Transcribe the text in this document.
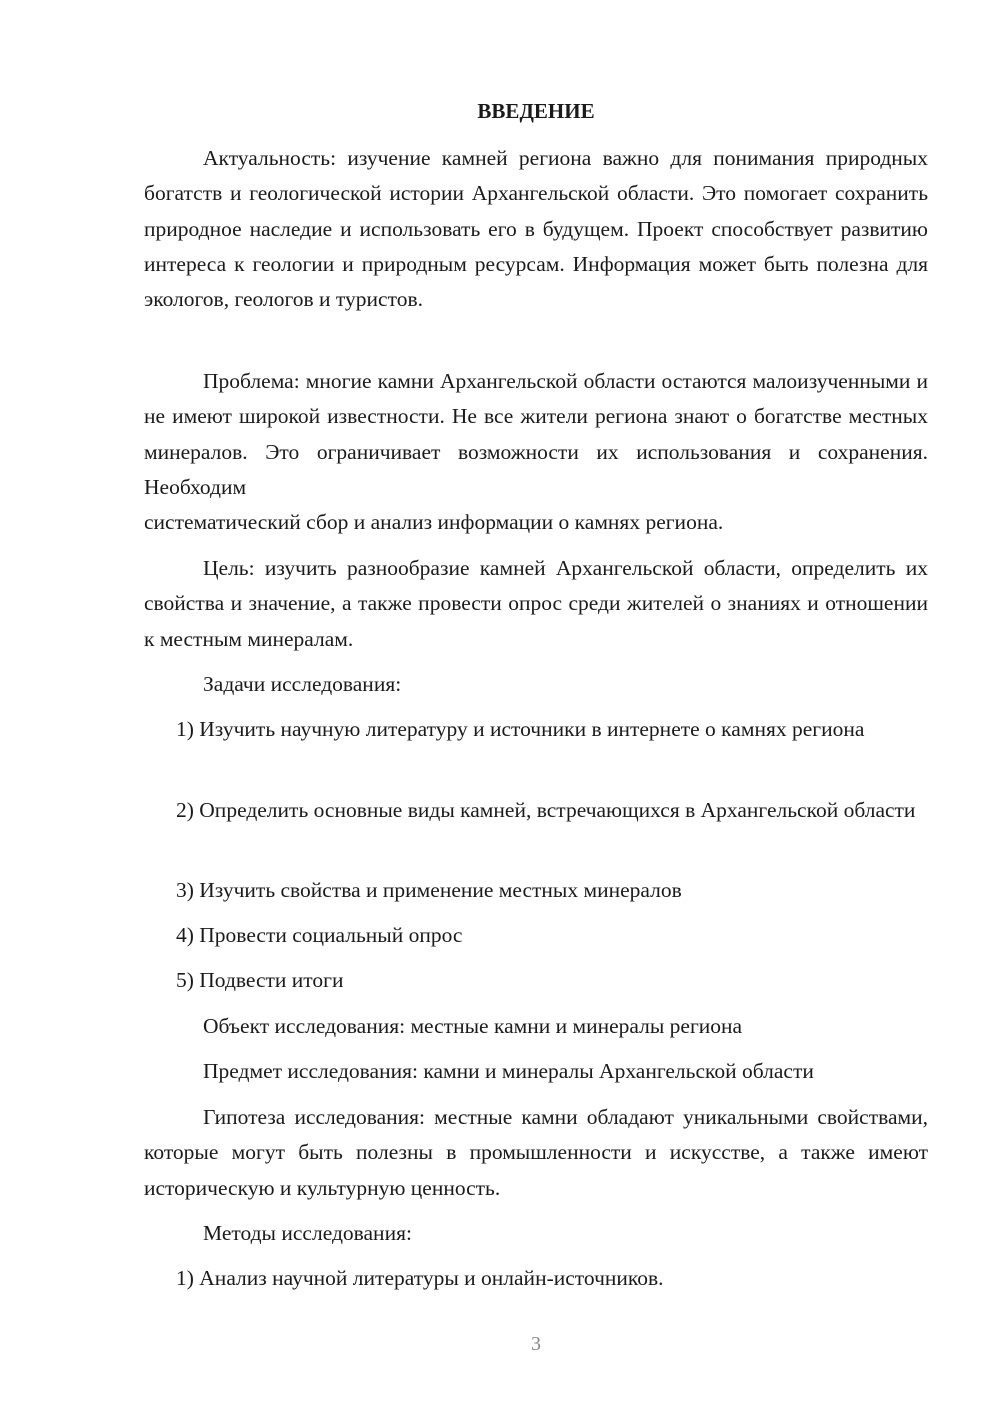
ВВЕДЕНИЕ

Актуальность: изучение камней региона важно для понимания природных богатств и геологической истории Архангельской области. Это помогает сохранить природное наследие и использовать его в будущем. Проект способствует развитию интереса к геологии и природным ресурсам. Информация может быть полезна для экологов, геологов и туристов.

Проблема: многие камни Архангельской области остаются малоизученными и не имеют широкой известности. Не все жители региона знают о богатстве местных минералов. Это ограничивает возможности их использования и сохранения. Необходим
систематический сбор и анализ информации о камнях региона.

Цель: изучить разнообразие камней Архангельской области, определить их свойства и значение, а также провести опрос среди жителей о знаниях и отношении к местным минералам.

Задачи исследования:

1) Изучить научную литературу и источники в интернете о камнях региона

2) Определить основные виды камней, встречающихся в Архангельской области

3) Изучить свойства и применение местных минералов

4) Провести социальный опрос

5) Подвести итоги

Объект исследования: местные камни и минералы региона

Предмет исследования: камни и минералы Архангельской области

Гипотеза исследования: местные камни обладают уникальными свойствами, которые могут быть полезны в промышленности и искусстве, а также имеют историческую и культурную ценность.

Методы исследования:

1) Анализ научной литературы и онлайн-источников.

3
